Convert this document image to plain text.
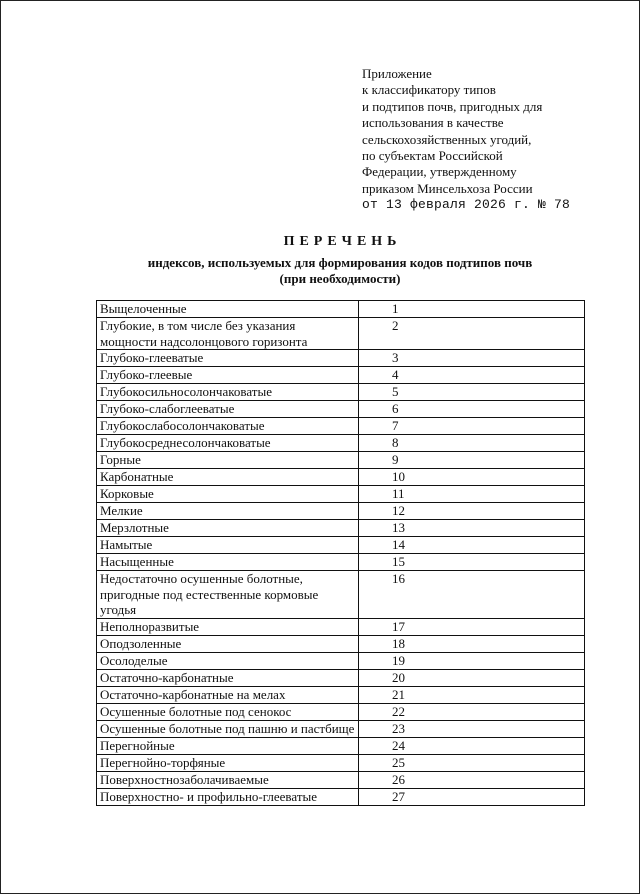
Приложение
к классификатору типов
и подтипов почв, пригодных для
использования в качестве
сельскохозяйственных угодий,
по субъектам Российской
Федерации, утвержденному
приказом Минсельхоза России
от 13 февраля 2026 г. № 78
ПЕРЕЧЕНЬ
индексов, используемых для формирования кодов подтипов почв
(при необходимости)
Выщелоченные	1
Глубокие, в том числе без указания мощности надсолонцового горизонта	2
Глубоко-глееватые	3
Глубоко-глеевые	4
Глубокосильносолончаковатые	5
Глубоко-слабоглееватые	6
Глубокослабосолончаковатые	7
Глубокосреднесолончаковатые	8
Горные	9
Карбонатные	10
Корковые	11
Мелкие	12
Мерзлотные	13
Намытые	14
Насыщенные	15
Недостаточно осушенные болотные, пригодные под естественные кормовые угодья	16
Неполноразвитые	17
Оподзоленные	18
Осолоделые	19
Остаточно-карбонатные	20
Остаточно-карбонатные на мелах	21
Осушенные болотные под сенокос	22
Осушенные болотные под пашню и пастбище	23
Перегнойные	24
Перегнойно-торфяные	25
Поверхностнозаболачиваемые	26
Поверхностно- и профильно-глееватые	27
